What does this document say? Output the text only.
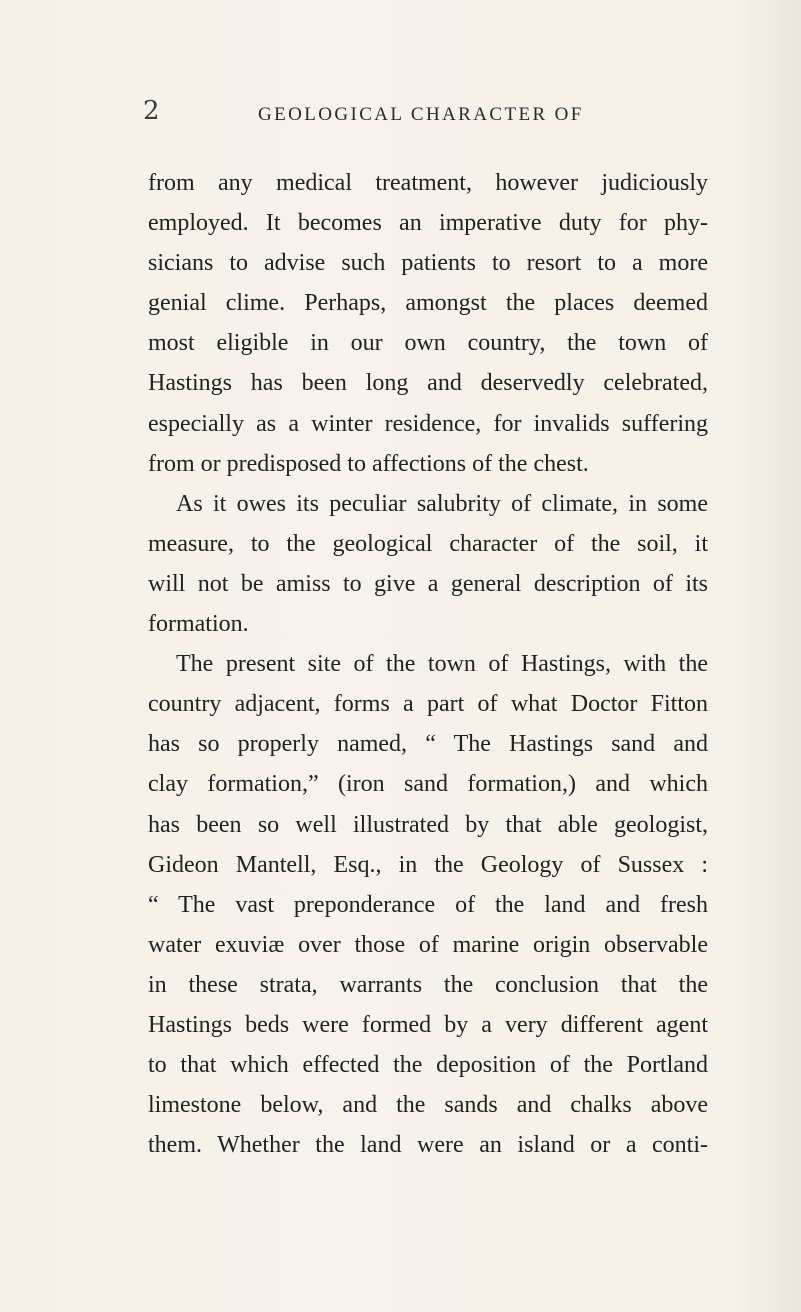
2	GEOLOGICAL CHARACTER OF
from any medical treatment, however judiciously
employed. It becomes an imperative duty for phy-
sicians to advise such patients to resort to a more
genial clime. Perhaps, amongst the places deemed
most eligible in our own country, the town of
Hastings has been long and deservedly celebrated,
especially as a winter residence, for invalids suffering
from or predisposed to affections of the chest.
As it owes its peculiar salubrity of climate, in some
measure, to the geological character of the soil, it
will not be amiss to give a general description of its
formation.
The present site of the town of Hastings, with the
country adjacent, forms a part of what Doctor Fitton
has so properly named, “ The Hastings sand and
clay formation,” (iron sand formation,) and which
has been so well illustrated by that able geologist,
Gideon Mantell, Esq., in the Geology of Sussex :
“ The vast preponderance of the land and fresh
water exuviæ over those of marine origin observable
in these strata, warrants the conclusion that the
Hastings beds were formed by a very different agent
to that which effected the deposition of the Portland
limestone below, and the sands and chalks above
them. Whether the land were an island or a conti-
